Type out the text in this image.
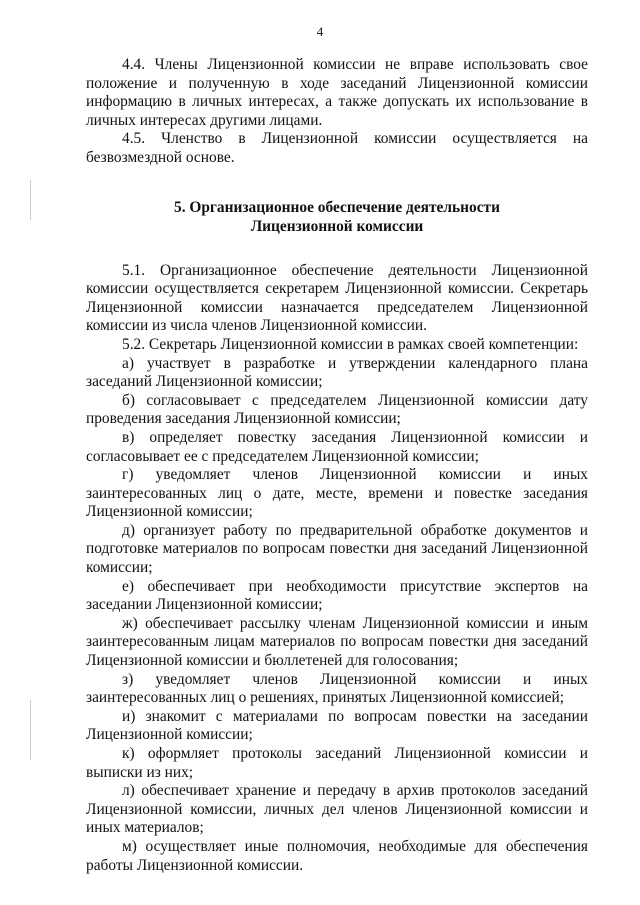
4

4.4. Члены Лицензионной комиссии не вправе использовать свое положение и полученную в ходе заседаний Лицензионной комиссии информацию в личных интересах, а также допускать их использование в личных интересах другими лицами.

4.5. Членство в Лицензионной комиссии осуществляется на безвозмездной основе.

5. Организационное обеспечение деятельности
Лицензионной комиссии

5.1. Организационное обеспечение деятельности Лицензионной комиссии осуществляется секретарем Лицензионной комиссии. Секретарь Лицензионной комиссии назначается председателем Лицензионной комиссии из числа членов Лицензионной комиссии.

5.2. Секретарь Лицензионной комиссии в рамках своей компетенции:

а) участвует в разработке и утверждении календарного плана заседаний Лицензионной комиссии;

б) согласовывает с председателем Лицензионной комиссии дату проведения заседания Лицензионной комиссии;

в) определяет повестку заседания Лицензионной комиссии и согласовывает ее с председателем Лицензионной комиссии;

г) уведомляет членов Лицензионной комиссии и иных заинтересованных лиц о дате, месте, времени и повестке заседания Лицензионной комиссии;

д) организует работу по предварительной обработке документов и подготовке материалов по вопросам повестки дня заседаний Лицензионной комиссии;

е) обеспечивает при необходимости присутствие экспертов на заседании Лицензионной комиссии;

ж) обеспечивает рассылку членам Лицензионной комиссии и иным заинтересованным лицам материалов по вопросам повестки дня заседаний Лицензионной комиссии и бюллетеней для голосования;

з) уведомляет членов Лицензионной комиссии и иных заинтересованных лиц о решениях, принятых Лицензионной комиссией;

и) знакомит с материалами по вопросам повестки на заседании Лицензионной комиссии;

к) оформляет протоколы заседаний Лицензионной комиссии и выписки из них;

л) обеспечивает хранение и передачу в архив протоколов заседаний Лицензионной комиссии, личных дел членов Лицензионной комиссии и иных материалов;

м) осуществляет иные полномочия, необходимые для обеспечения работы Лицензионной комиссии.
